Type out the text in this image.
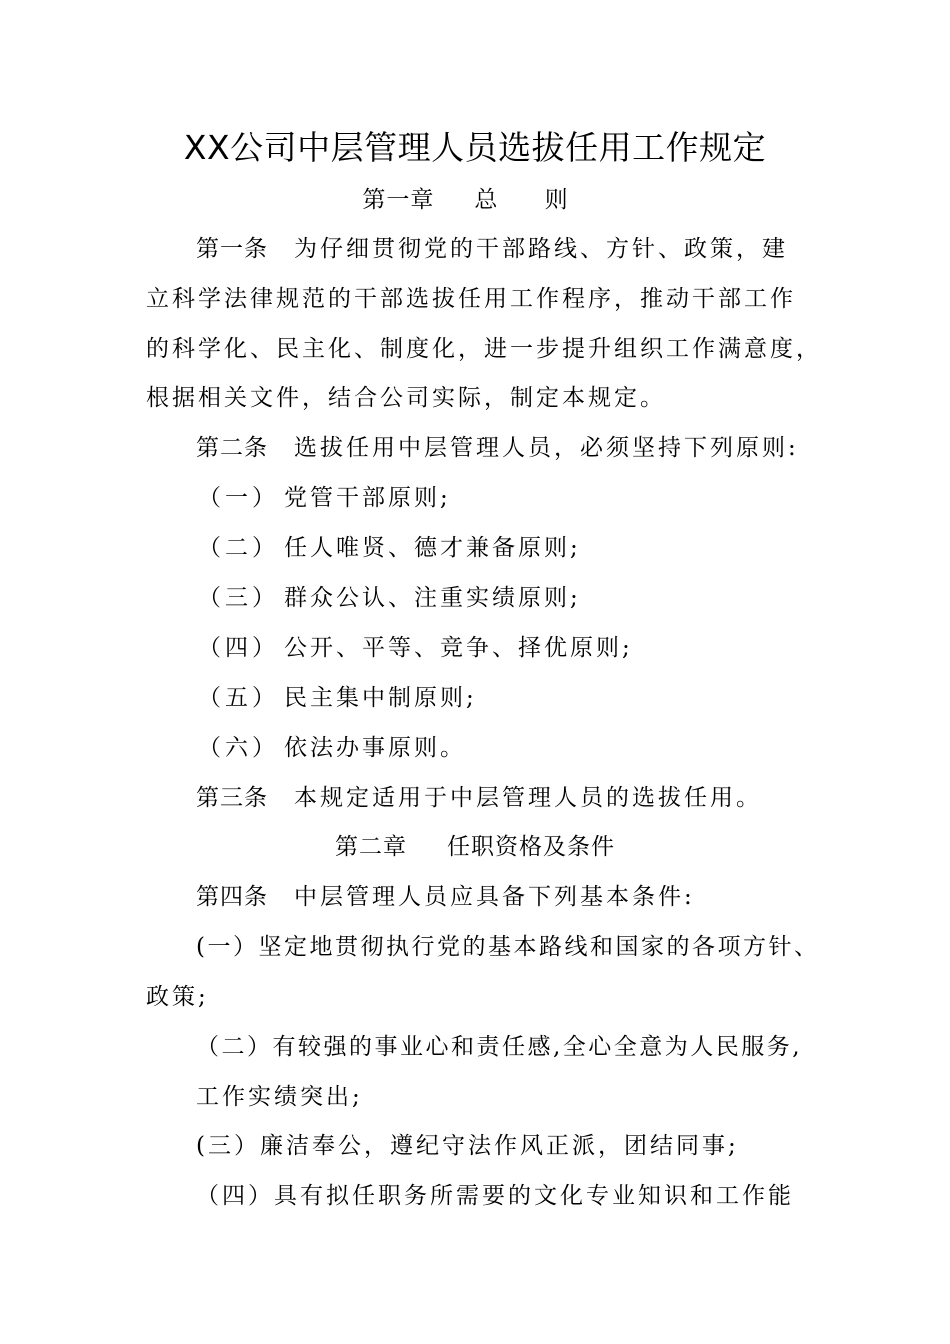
XX公司中层管理人员选拔任用工作规定
第一章 总 则
第一条 为仔细贯彻党的干部路线、方针、政策，建
立科学法律规范的干部选拔任用工作程序，推动干部工作
的科学化、民主化、制度化，进一步提升组织工作满意度，
根据相关文件，结合公司实际，制定本规定。
第二条 选拔任用中层管理人员，必须坚持下列原则:
（一） 党管干部原则;
（二） 任人唯贤、德才兼备原则;
（三） 群众公认、注重实绩原则;
（四） 公开、平等、竞争、择优原则;
（五） 民主集中制原则;
（六） 依法办事原则。
第三条 本规定适用于中层管理人员的选拔任用。
第二章 任职资格及条件
第四条 中层管理人员应具备下列基本条件:
(一）坚定地贯彻执行党的基本路线和国家的各项方针、
政策;
（二）有较强的事业心和责任感,全心全意为人民服务,
工作实绩突出;
(三）廉洁奉公，遵纪守法作风正派，团结同事;
（四）具有拟任职务所需要的文化专业知识和工作能
